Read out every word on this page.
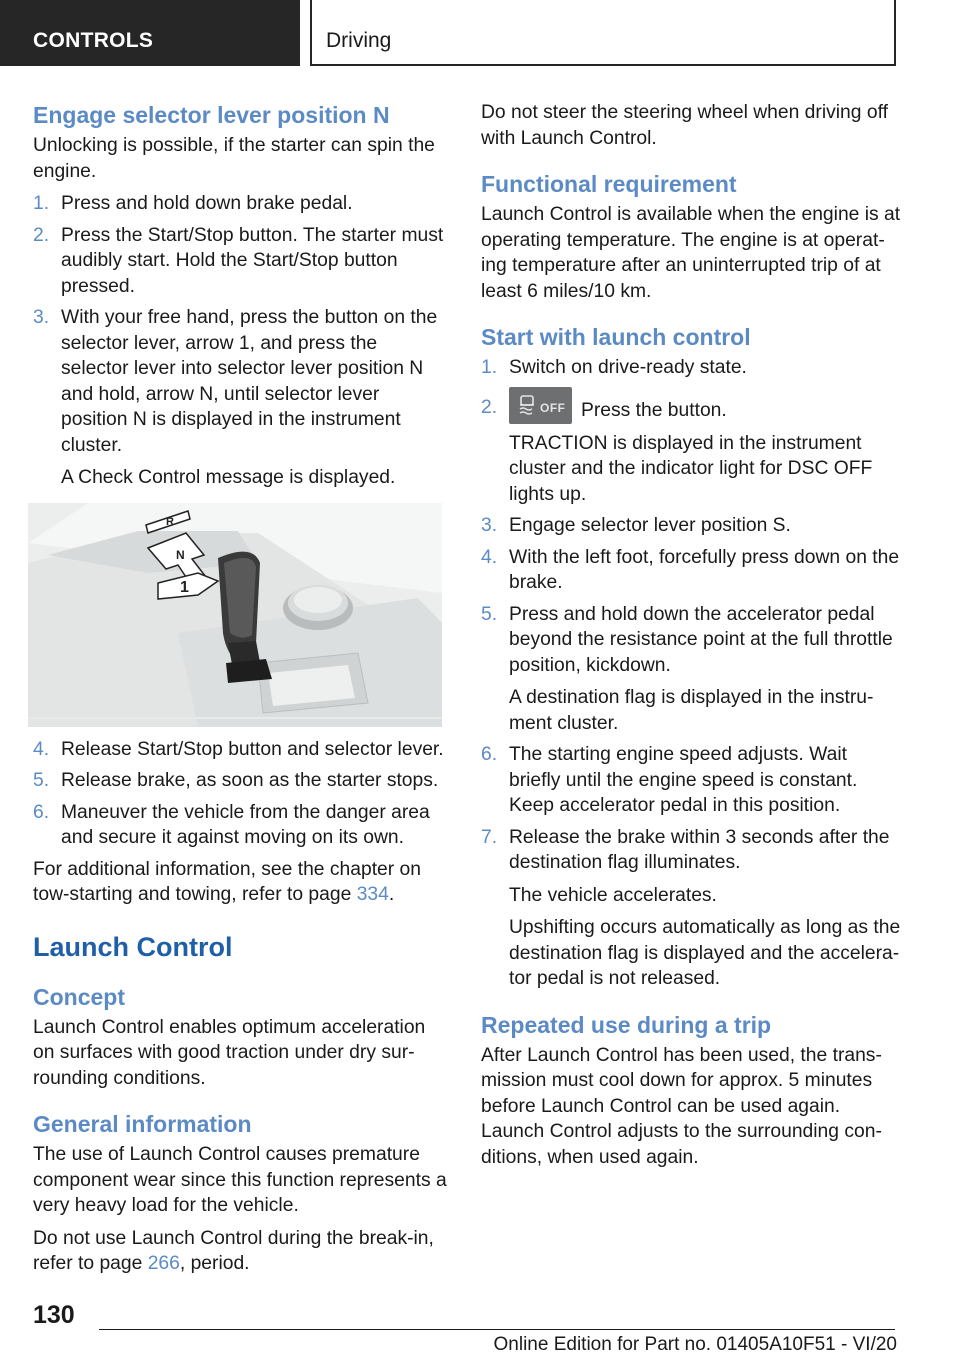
CONTROLS	Driving
Engage selector lever position N
Unlocking is possible, if the starter can spin the engine.
1. Press and hold down brake pedal.
2. Press the Start/Stop button. The starter must audibly start. Hold the Start/Stop button pressed.
3. With your free hand, press the button on the selector lever, arrow 1, and press the selector lever into selector lever position N and hold, arrow N, until selector lever position N is displayed in the instrument cluster.
A Check Control message is displayed.
R
N
1
4. Release Start/Stop button and selector lever.
5. Release brake, as soon as the starter stops.
6. Maneuver the vehicle from the danger area and secure it against moving on its own.
For additional information, see the chapter on tow-starting and towing, refer to page 334.
Launch Control
Concept
Launch Control enables optimum acceleration on surfaces with good traction under dry surrounding conditions.
General information
The use of Launch Control causes premature component wear since this function represents a very heavy load for the vehicle.
Do not use Launch Control during the break-in, refer to page 266, period.
Do not steer the steering wheel when driving off with Launch Control.
Functional requirement
Launch Control is available when the engine is at operating temperature. The engine is at operating temperature after an uninterrupted trip of at least 6 miles/10 km.
Start with launch control
1. Switch on drive-ready state.
2.	OFF Press the button.
TRACTION is displayed in the instrument cluster and the indicator light for DSC OFF lights up.
3. Engage selector lever position S.
4. With the left foot, forcefully press down on the brake.
5. Press and hold down the accelerator pedal beyond the resistance point at the full throttle position, kickdown.
A destination flag is displayed in the instrument cluster.
6. The starting engine speed adjusts. Wait briefly until the engine speed is constant. Keep accelerator pedal in this position.
7. Release the brake within 3 seconds after the destination flag illuminates.
The vehicle accelerates.
Upshifting occurs automatically as long as the destination flag is displayed and the accelerator pedal is not released.
Repeated use during a trip
After Launch Control has been used, the transmission must cool down for approx. 5 minutes before Launch Control can be used again. Launch Control adjusts to the surrounding conditions, when used again.
130
Online Edition for Part no. 01405A10F51 - VI/20
